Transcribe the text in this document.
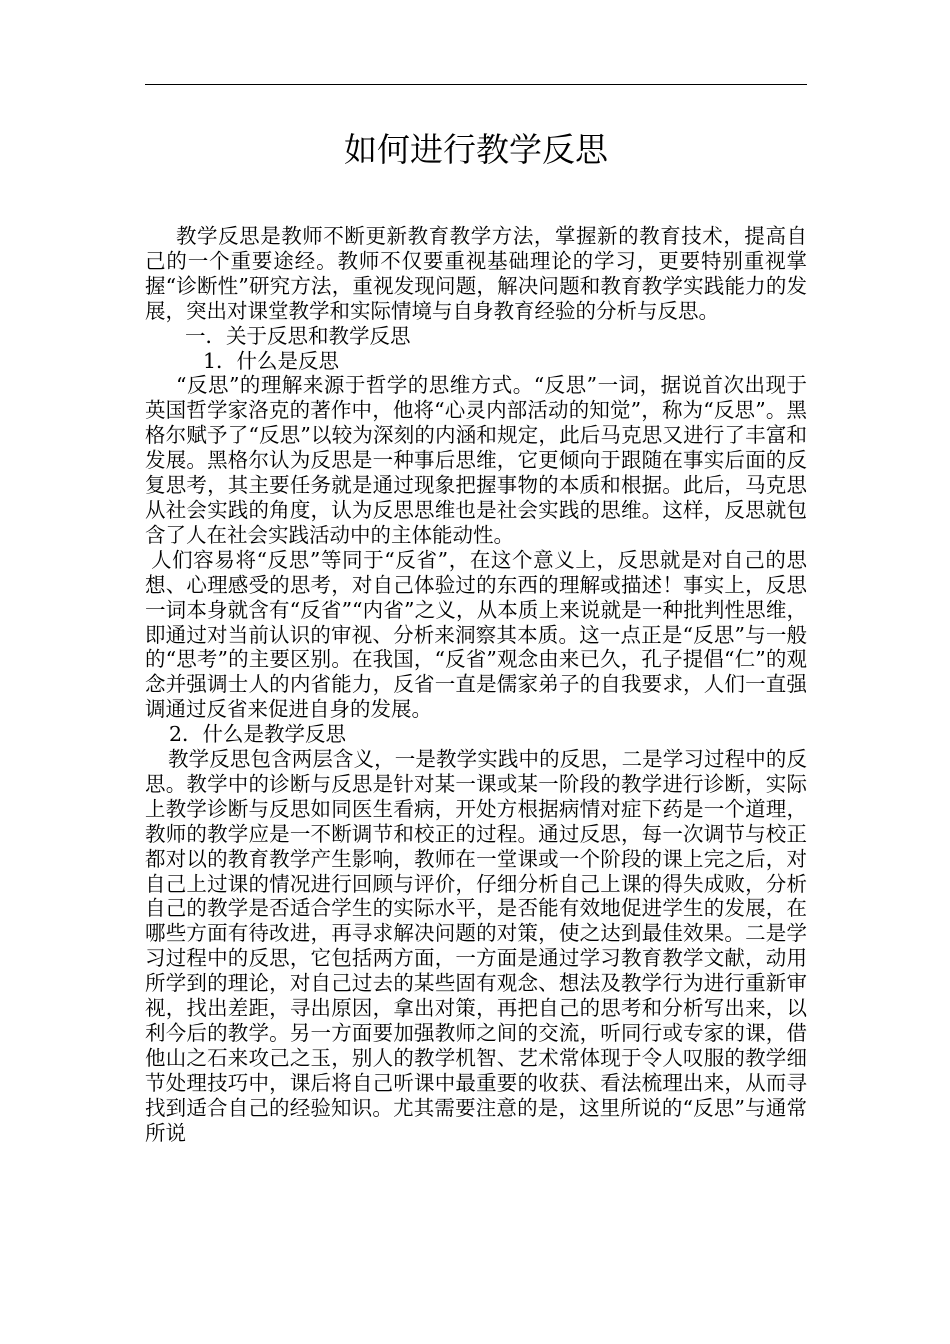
如何进行教学反思

教学反思是教师不断更新教育教学方法，掌握新的教育技术，提高自己的一个重要途经。教师不仅要重视基础理论的学习，更要特别重视掌握“诊断性”研究方法，重视发现问题，解决问题和教育教学实践能力的发展，突出对课堂教学和实际情境与自身教育经验的分析与反思。

一．关于反思和教学反思

1．什么是反思

“反思”的理解来源于哲学的思维方式。“反思”一词，据说首次出现于英国哲学家洛克的著作中，他将“心灵内部活动的知觉”，称为“反思”。黑格尔赋予了“反思”以较为深刻的内涵和规定，此后马克思又进行了丰富和发展。黑格尔认为反思是一种事后思维，它更倾向于跟随在事实后面的反复思考，其主要任务就是通过现象把握事物的本质和根据。此后，马克思从社会实践的角度，认为反思思维也是社会实践的思维。这样，反思就包含了人在社会实践活动中的主体能动性。

人们容易将“反思”等同于“反省”，在这个意义上，反思就是对自己的思想、心理感受的思考，对自己体验过的东西的理解或描述！事实上，反思一词本身就含有“反省”“内省”之义，从本质上来说就是一种批判性思维，即通过对当前认识的审视、分析来洞察其本质。这一点正是“反思”与一般的“思考”的主要区别。在我国，“反省”观念由来已久，孔子提倡“仁”的观念并强调士人的内省能力，反省一直是儒家弟子的自我要求，人们一直强调通过反省来促进自身的发展。

2．什么是教学反思

教学反思包含两层含义，一是教学实践中的反思，二是学习过程中的反思。教学中的诊断与反思是针对某一课或某一阶段的教学进行诊断，实际上教学诊断与反思如同医生看病，开处方根据病情对症下药是一个道理，教师的教学应是一不断调节和校正的过程。通过反思，每一次调节与校正都对以的教育教学产生影响，教师在一堂课或一个阶段的课上完之后，对自己上过课的情况进行回顾与评价，仔细分析自己上课的得失成败，分析自己的教学是否适合学生的实际水平，是否能有效地促进学生的发展，在哪些方面有待改进，再寻求解决问题的对策，使之达到最佳效果。二是学习过程中的反思，它包括两方面，一方面是通过学习教育教学文献，动用所学到的理论，对自己过去的某些固有观念、想法及教学行为进行重新审视，找出差距，寻出原因，拿出对策，再把自己的思考和分析写出来，以利今后的教学。另一方面要加强教师之间的交流，听同行或专家的课，借他山之石来攻己之玉，别人的教学机智、艺术常体现于令人叹服的教学细节处理技巧中，课后将自己听课中最重要的收获、看法梳理出来，从而寻找到适合自己的经验知识。尤其需要注意的是，这里所说的“反思”与通常所说
